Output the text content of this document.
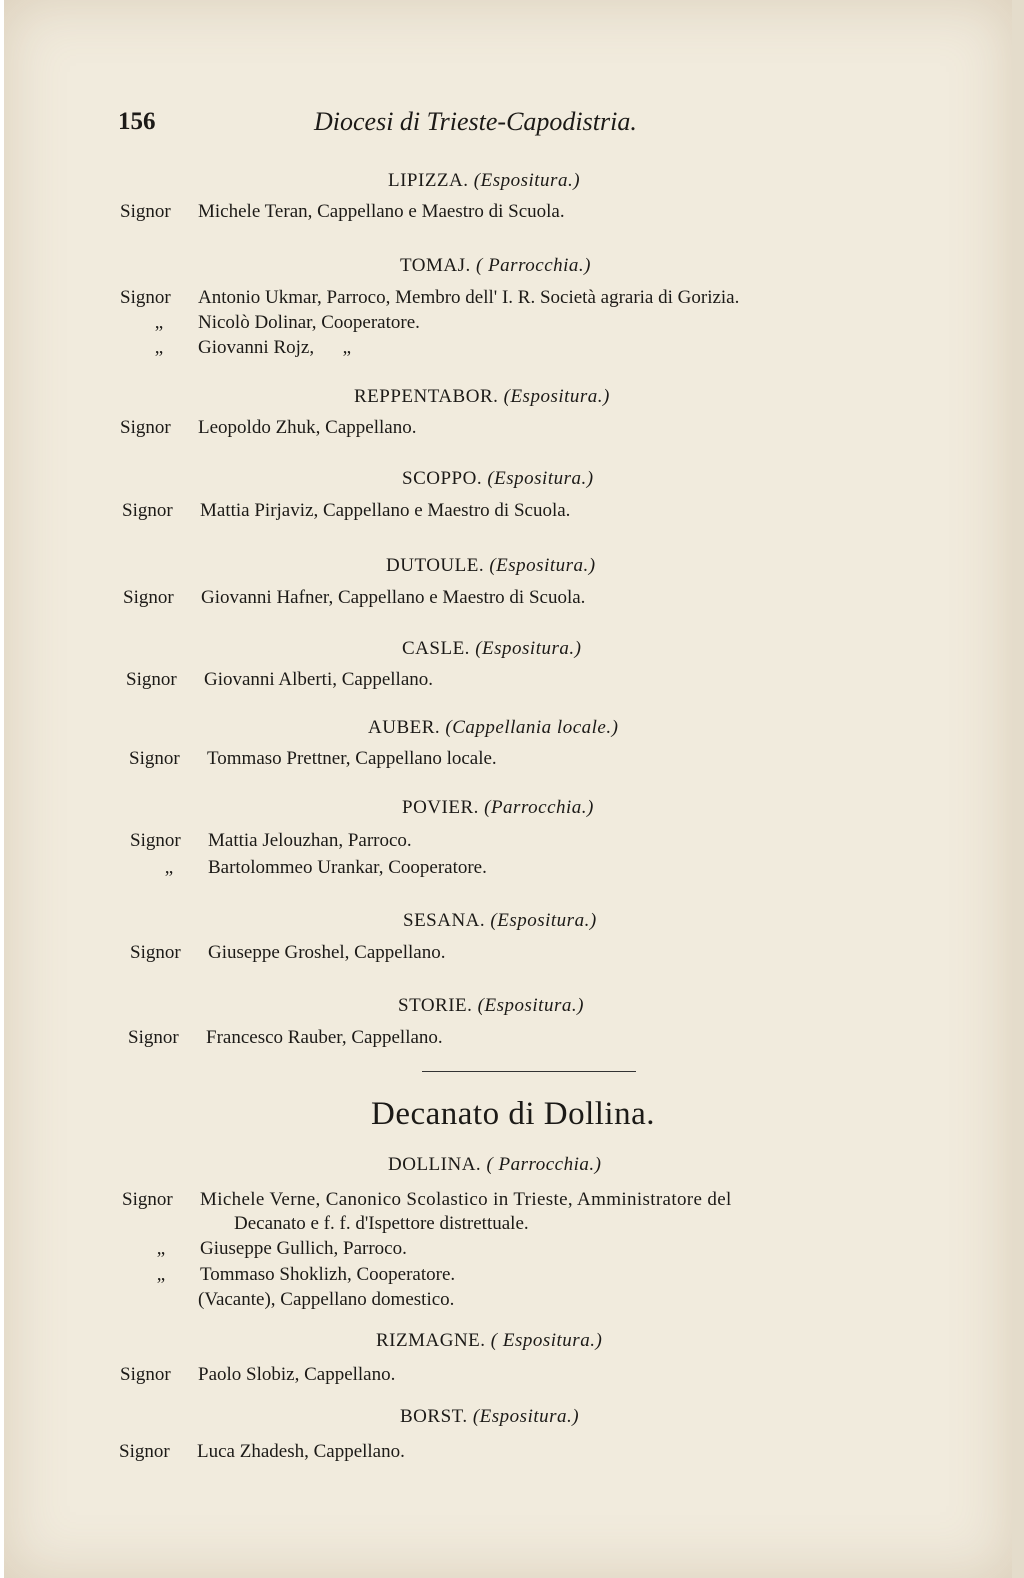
156	Diocesi di Trieste-Capodistria.
LIPIZZA. (Espositura.)
Signor Michele Teran, Cappellano e Maestro di Scuola.
TOMAJ. ( Parrocchia.)
Signor Antonio Ukmar, Parroco, Membro dell' I. R. Società agraria di Gorizia.
„ Nicolò Dolinar, Cooperatore.
„ Giovanni Rojz,      „
REPPENTABOR. (Espositura.)
Signor Leopoldo Zhuk, Cappellano.
SCOPPO. (Espositura.)
Signor Mattia Pirjaviz, Cappellano e Maestro di Scuola.
DUTOULE. (Espositura.)
Signor Giovanni Hafner, Cappellano e Maestro di Scuola.
CASLE. (Espositura.)
Signor Giovanni Alberti, Cappellano.
AUBER. (Cappellania locale.)
Signor Tommaso Prettner, Cappellano locale.
POVIER. (Parrocchia.)
Signor Mattia Jelouzhan, Parroco.
„ Bartolommeo Urankar, Cooperatore.
SESANA. (Espositura.)
Signor Giuseppe Groshel, Cappellano.
STORIE. (Espositura.)
Signor Francesco Rauber, Cappellano.
Decanato di Dollina.
DOLLINA. ( Parrocchia.)
Signor Michele Verne, Canonico Scolastico in Trieste, Amministratore del
Decanato e f. f. d'Ispettore distrettuale.
„ Giuseppe Gullich, Parroco.
„ Tommaso Shoklizh, Cooperatore.
(Vacante), Cappellano domestico.
RIZMAGNE. ( Espositura.)
Signor Paolo Slobiz, Cappellano.
BORST. (Espositura.)
Signor Luca Zhadesh, Cappellano.
